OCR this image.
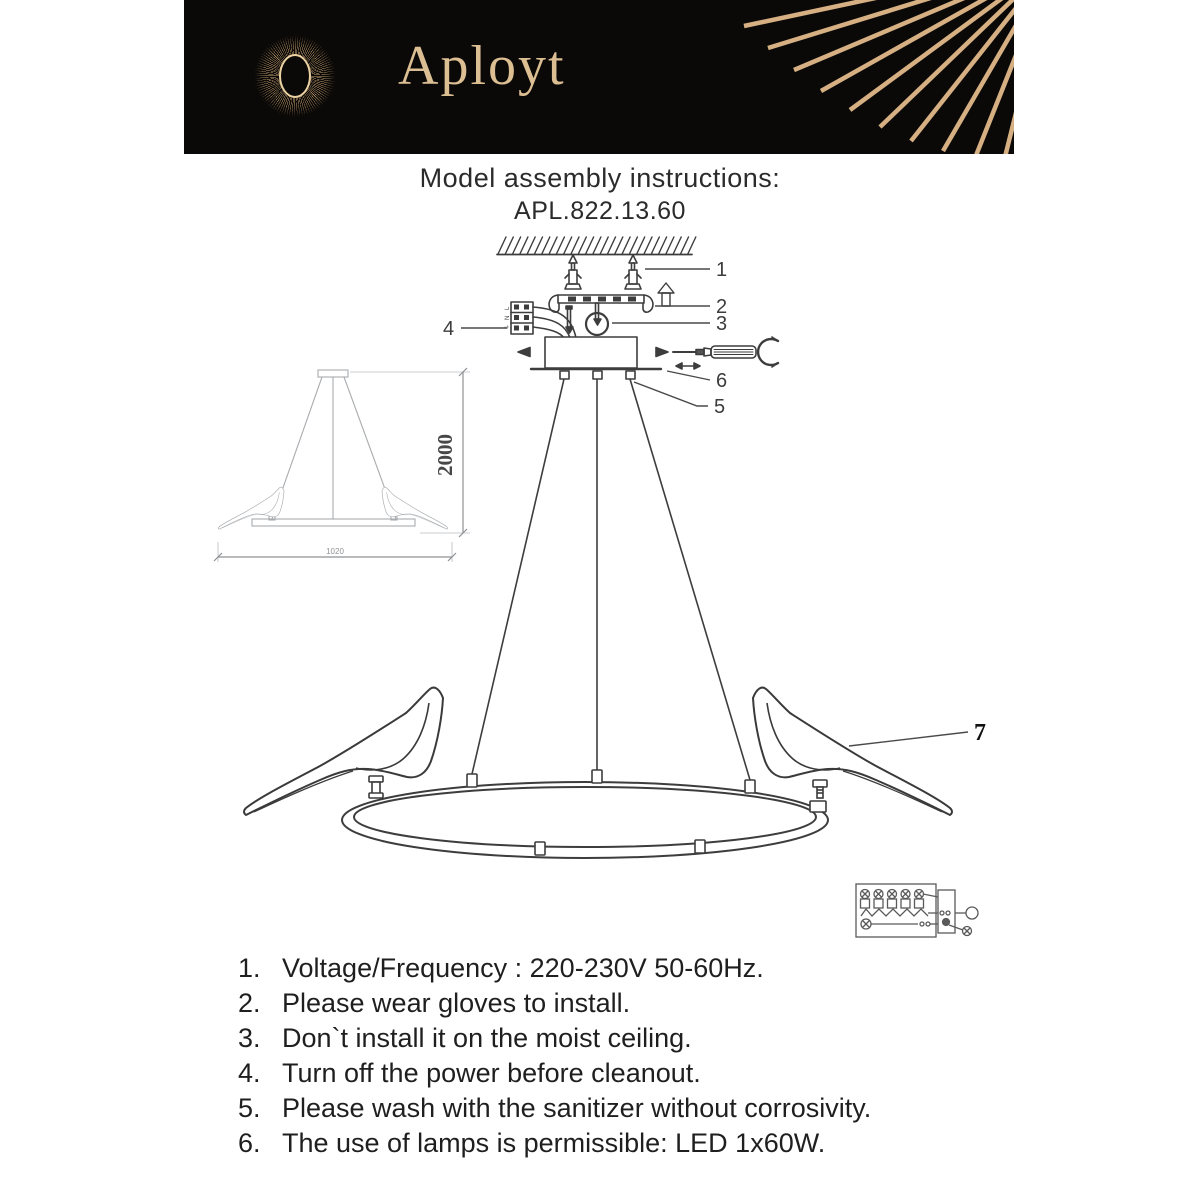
Aployt
Model assembly instructions:
APL.822.13.60
2000
1020
L
N
⏚
1
2
3
4
5
6
7
1. Voltage/Frequency : 220-230V 50-60Hz.
2. Please wear gloves to install.
3. Don`t install it on the moist ceiling.
4. Turn off the power before cleanout.
5. Please wash with the sanitizer without corrosivity.
6. The use of lamps is permissible: LED 1x60W.
